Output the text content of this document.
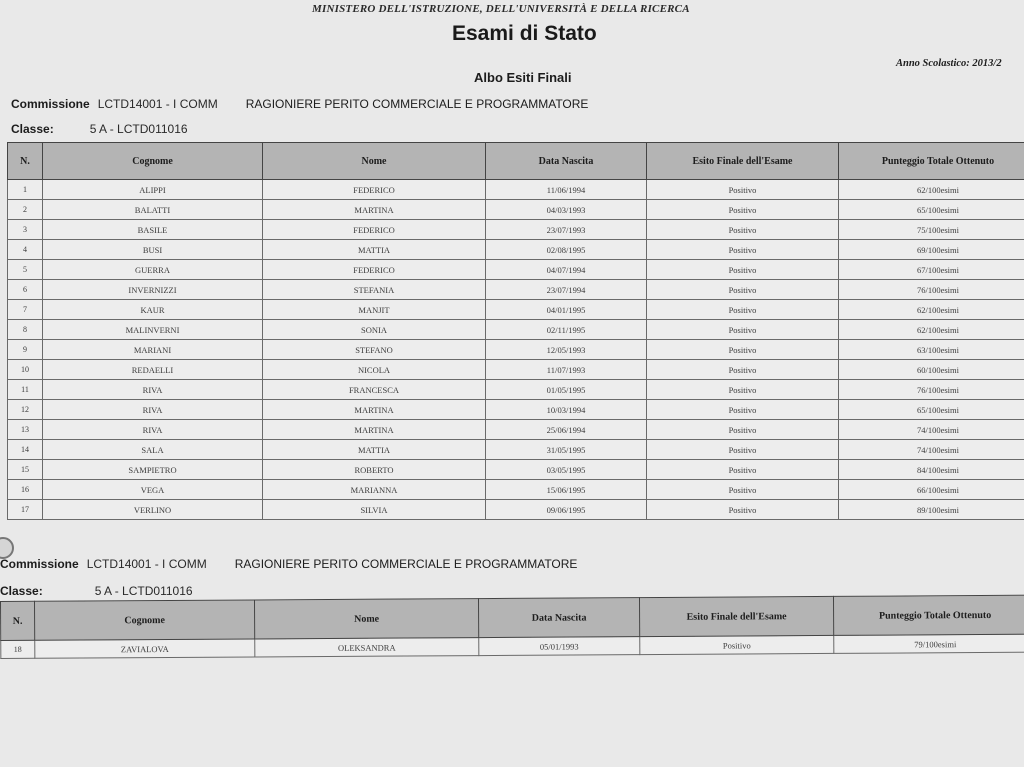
MINISTERO DELL'ISTRUZIONE, DELL'UNIVERSITÀ E DELLA RICERCA
Esami di Stato
Anno Scolastico: 2013/2
Albo Esiti Finali
Commissione LCTD14001 - I COMM RAGIONIERE PERITO COMMERCIALE E PROGRAMMATORE
Classe:	5 A - LCTD011016
N.	Cognome	Nome	Data Nascita	Esito Finale dell'Esame	Punteggio Totale Ottenuto
1	ALIPPI	FEDERICO	11/06/1994	Positivo	62/100esimi
2	BALATTI	MARTINA	04/03/1993	Positivo	65/100esimi
3	BASILE	FEDERICO	23/07/1993	Positivo	75/100esimi
4	BUSI	MATTIA	02/08/1995	Positivo	69/100esimi
5	GUERRA	FEDERICO	04/07/1994	Positivo	67/100esimi
6	INVERNIZZI	STEFANIA	23/07/1994	Positivo	76/100esimi
7	KAUR	MANJIT	04/01/1995	Positivo	62/100esimi
8	MALINVERNI	SONIA	02/11/1995	Positivo	62/100esimi
9	MARIANI	STEFANO	12/05/1993	Positivo	63/100esimi
10	REDAELLI	NICOLA	11/07/1993	Positivo	60/100esimi
11	RIVA	FRANCESCA	01/05/1995	Positivo	76/100esimi
12	RIVA	MARTINA	10/03/1994	Positivo	65/100esimi
13	RIVA	MARTINA	25/06/1994	Positivo	74/100esimi
14	SALA	MATTIA	31/05/1995	Positivo	74/100esimi
15	SAMPIETRO	ROBERTO	03/05/1995	Positivo	84/100esimi
16	VEGA	MARIANNA	15/06/1995	Positivo	66/100esimi
17	VERLINO	SILVIA	09/06/1995	Positivo	89/100esimi
Commissione LCTD14001 - I COMM RAGIONIERE PERITO COMMERCIALE E PROGRAMMATORE
Classe:	5 A - LCTD011016
N.	Cognome	Nome	Data Nascita	Esito Finale dell'Esame	Punteggio Totale Ottenuto
18	ZAVIALOVA	OLEKSANDRA	05/01/1993	Positivo	79/100esimi
